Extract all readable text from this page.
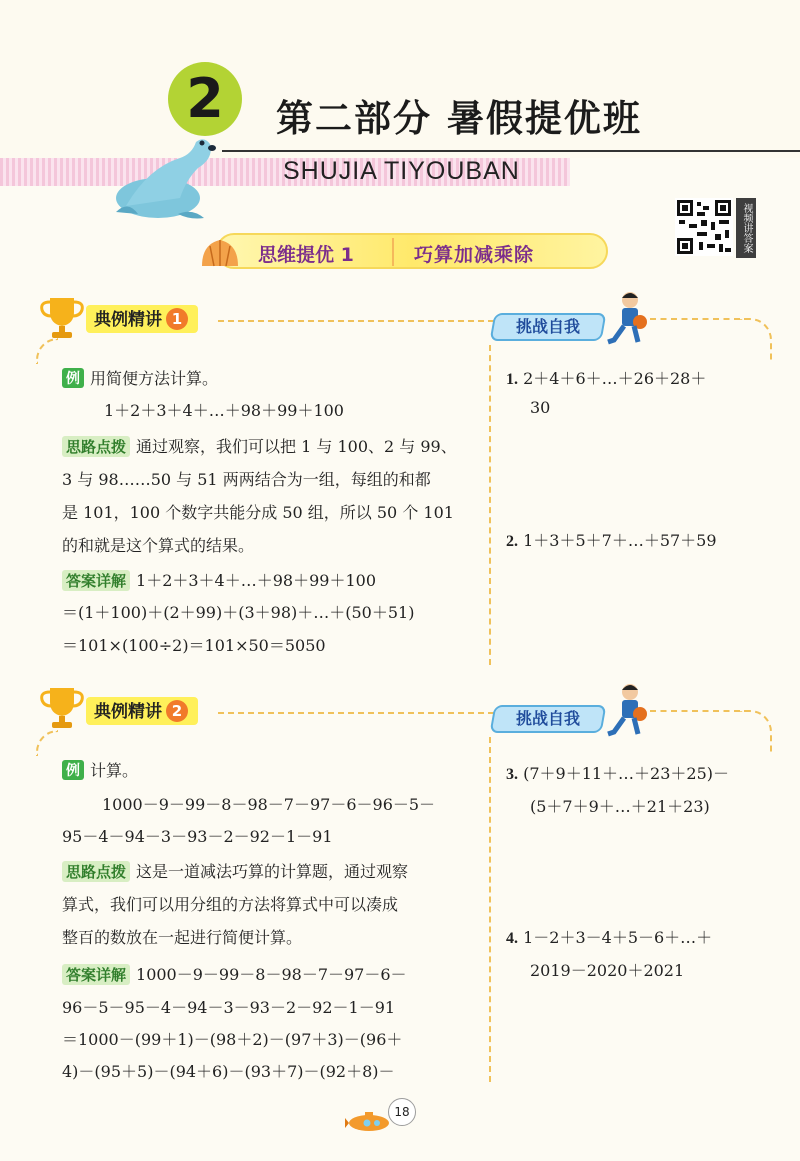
2	第二部分 暑假提优班
SHUJIA TIYOUBAN
视频讲答案
思维提优 1	巧算加减乘除
典例精讲 1	挑战自我
例 用简便方法计算。
1＋2＋3＋4＋…＋98＋99＋100
思路点拨 通过观察，我们可以把 1 与 100、2 与 99、
3 与 98……50 与 51 两两结合为一组，每组的和都
是 101，100 个数字共能分成 50 组，所以 50 个 101
的和就是这个算式的结果。
答案详解 1＋2＋3＋4＋…＋98＋99＋100
＝(1＋100)＋(2＋99)＋(3＋98)＋…＋(50＋51)
＝101×(100÷2)＝101×50＝5050
1. 2＋4＋6＋…＋26＋28＋
30
2. 1＋3＋5＋7＋…＋57＋59
典例精讲 2	挑战自我
例 计算。
1000－9－99－8－98－7－97－6－96－5－
95－4－94－3－93－2－92－1－91
思路点拨 这是一道减法巧算的计算题，通过观察
算式，我们可以用分组的方法将算式中可以凑成
整百的数放在一起进行简便计算。
答案详解 1000－9－99－8－98－7－97－6－
96－5－95－4－94－3－93－2－92－1－91
＝1000－(99＋1)－(98＋2)－(97＋3)－(96＋
4)－(95＋5)－(94＋6)－(93＋7)－(92＋8)－
3. (7＋9＋11＋…＋23＋25)－
(5＋7＋9＋…＋21＋23)
4. 1－2＋3－4＋5－6＋…＋
2019－2020＋2021
18
